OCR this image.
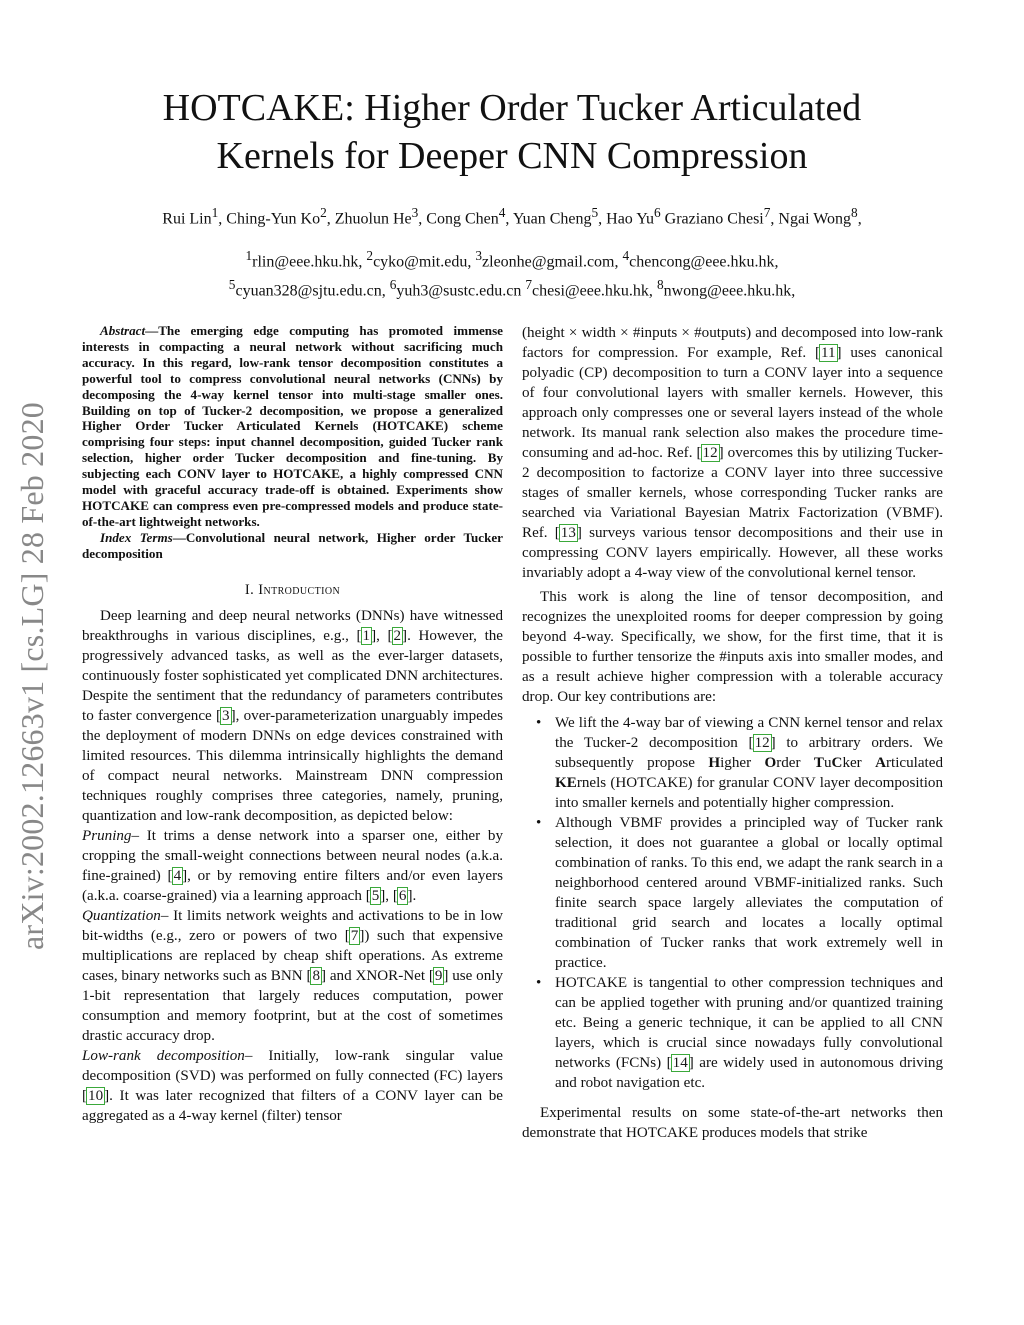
HOTCAKE: Higher Order Tucker Articulated
Kernels for Deeper CNN Compression
Rui Lin$^1$, Ching-Yun Ko$^2$, Zhuolun He$^3$, Cong Chen$^4$, Yuan Cheng$^5$, Hao Yu$^6$ Graziano Chesi$^7$, Ngai Wong$^8$,
$^1$rlin@eee.hku.hk, $^2$cyko@mit.edu, $^3$zleonhe@gmail.com, $^4$chencong@eee.hku.hk,
$^5$cyuan328@sjtu.edu.cn, $^6$yuh3@sustc.edu.cn $^7$chesi@eee.hku.hk, $^8$nwong@eee.hku.hk,
arXiv:2002.12663v1 [cs.LG] 28 Feb 2020
Abstract—The emerging edge computing has promoted immense interests in compacting a neural network without sacrificing much accuracy. In this regard, low-rank tensor decomposition constitutes a powerful tool to compress convolutional neural networks (CNNs) by decomposing the 4-way kernel tensor into multi-stage smaller ones. Building on top of Tucker-2 decomposition, we propose a generalized Higher Order Tucker Articulated Kernels (HOTCAKE) scheme comprising four steps: input channel decomposition, guided Tucker rank selection, higher order Tucker decomposition and fine-tuning. By subjecting each CONV layer to HOTCAKE, a highly compressed CNN model with graceful accuracy trade-off is obtained. Experiments show HOTCAKE can compress even pre-compressed models and produce state-of-the-art lightweight networks.
Index Terms—Convolutional neural network, Higher order Tucker decomposition
I. Introduction

Deep learning and deep neural networks (DNNs) have witnessed breakthroughs in various disciplines, e.g., [1], [2]. However, the progressively advanced tasks, as well as the ever-larger datasets, continuously foster sophisticated yet complicated DNN architectures. Despite the sentiment that the redundancy of parameters contributes to faster convergence [3], over-parameterization unarguably impedes the deployment of modern DNNs on edge devices constrained with limited resources. This dilemma intrinsically highlights the demand of compact neural networks. Mainstream DNN compression techniques roughly comprises three categories, namely, pruning, quantization and low-rank decomposition, as depicted below:

Pruning– It trims a dense network into a sparser one, either by cropping the small-weight connections between neural nodes (a.k.a. fine-grained) [4], or by removing entire filters and/or even layers (a.k.a. coarse-grained) via a learning approach [5], [6].

Quantization– It limits network weights and activations to be in low bit-widths (e.g., zero or powers of two [7]) such that expensive multiplications are replaced by cheap shift operations. As extreme cases, binary networks such as BNN [8] and XNOR-Net [9] use only 1-bit representation that largely reduces computation, power consumption and memory footprint, but at the cost of sometimes drastic accuracy drop.

Low-rank decomposition– Initially, low-rank singular value decomposition (SVD) was performed on fully connected (FC) layers [10]. It was later recognized that filters of a CONV layer can be aggregated as a 4-way kernel (filter) tensor

(height × width × #inputs × #outputs) and decomposed into low-rank factors for compression. For example, Ref. [11] uses canonical polyadic (CP) decomposition to turn a CONV layer into a sequence of four convolutional layers with smaller kernels. However, this approach only compresses one or several layers instead of the whole network. Its manual rank selection also makes the procedure time-consuming and ad-hoc. Ref. [12] overcomes this by utilizing Tucker-2 decomposition to factorize a CONV layer into three successive stages of smaller kernels, whose corresponding Tucker ranks are searched via Variational Bayesian Matrix Factorization (VBMF). Ref. [13] surveys various tensor decompositions and their use in compressing CONV layers empirically. However, all these works invariably adopt a 4-way view of the convolutional kernel tensor.

This work is along the line of tensor decomposition, and recognizes the unexploited rooms for deeper compression by going beyond 4-way. Specifically, we show, for the first time, that it is possible to further tensorize the #inputs axis into smaller modes, and as a result achieve higher compression with a tolerable accuracy drop. Our key contributions are:

• We lift the 4-way bar of viewing a CNN kernel tensor and relax the Tucker-2 decomposition [12] to arbitrary orders. We subsequently propose Higher Order TuCker Articulated KErnels (HOTCAKE) for granular CONV layer decomposition into smaller kernels and potentially higher compression.
• Although VBMF provides a principled way of Tucker rank selection, it does not guarantee a global or locally optimal combination of ranks. To this end, we adapt the rank search in a neighborhood centered around VBMF-initialized ranks. Such finite search space largely alleviates the computation of traditional grid search and locates a locally optimal combination of Tucker ranks that work extremely well in practice.
• HOTCAKE is tangential to other compression techniques and can be applied together with pruning and/or quantized training etc. Being a generic technique, it can be applied to all CNN layers, which is crucial since nowadays fully convolutional networks (FCNs) [14] are widely used in autonomous driving and robot navigation etc.

Experimental results on some state-of-the-art networks then demonstrate that HOTCAKE produces models that strike
